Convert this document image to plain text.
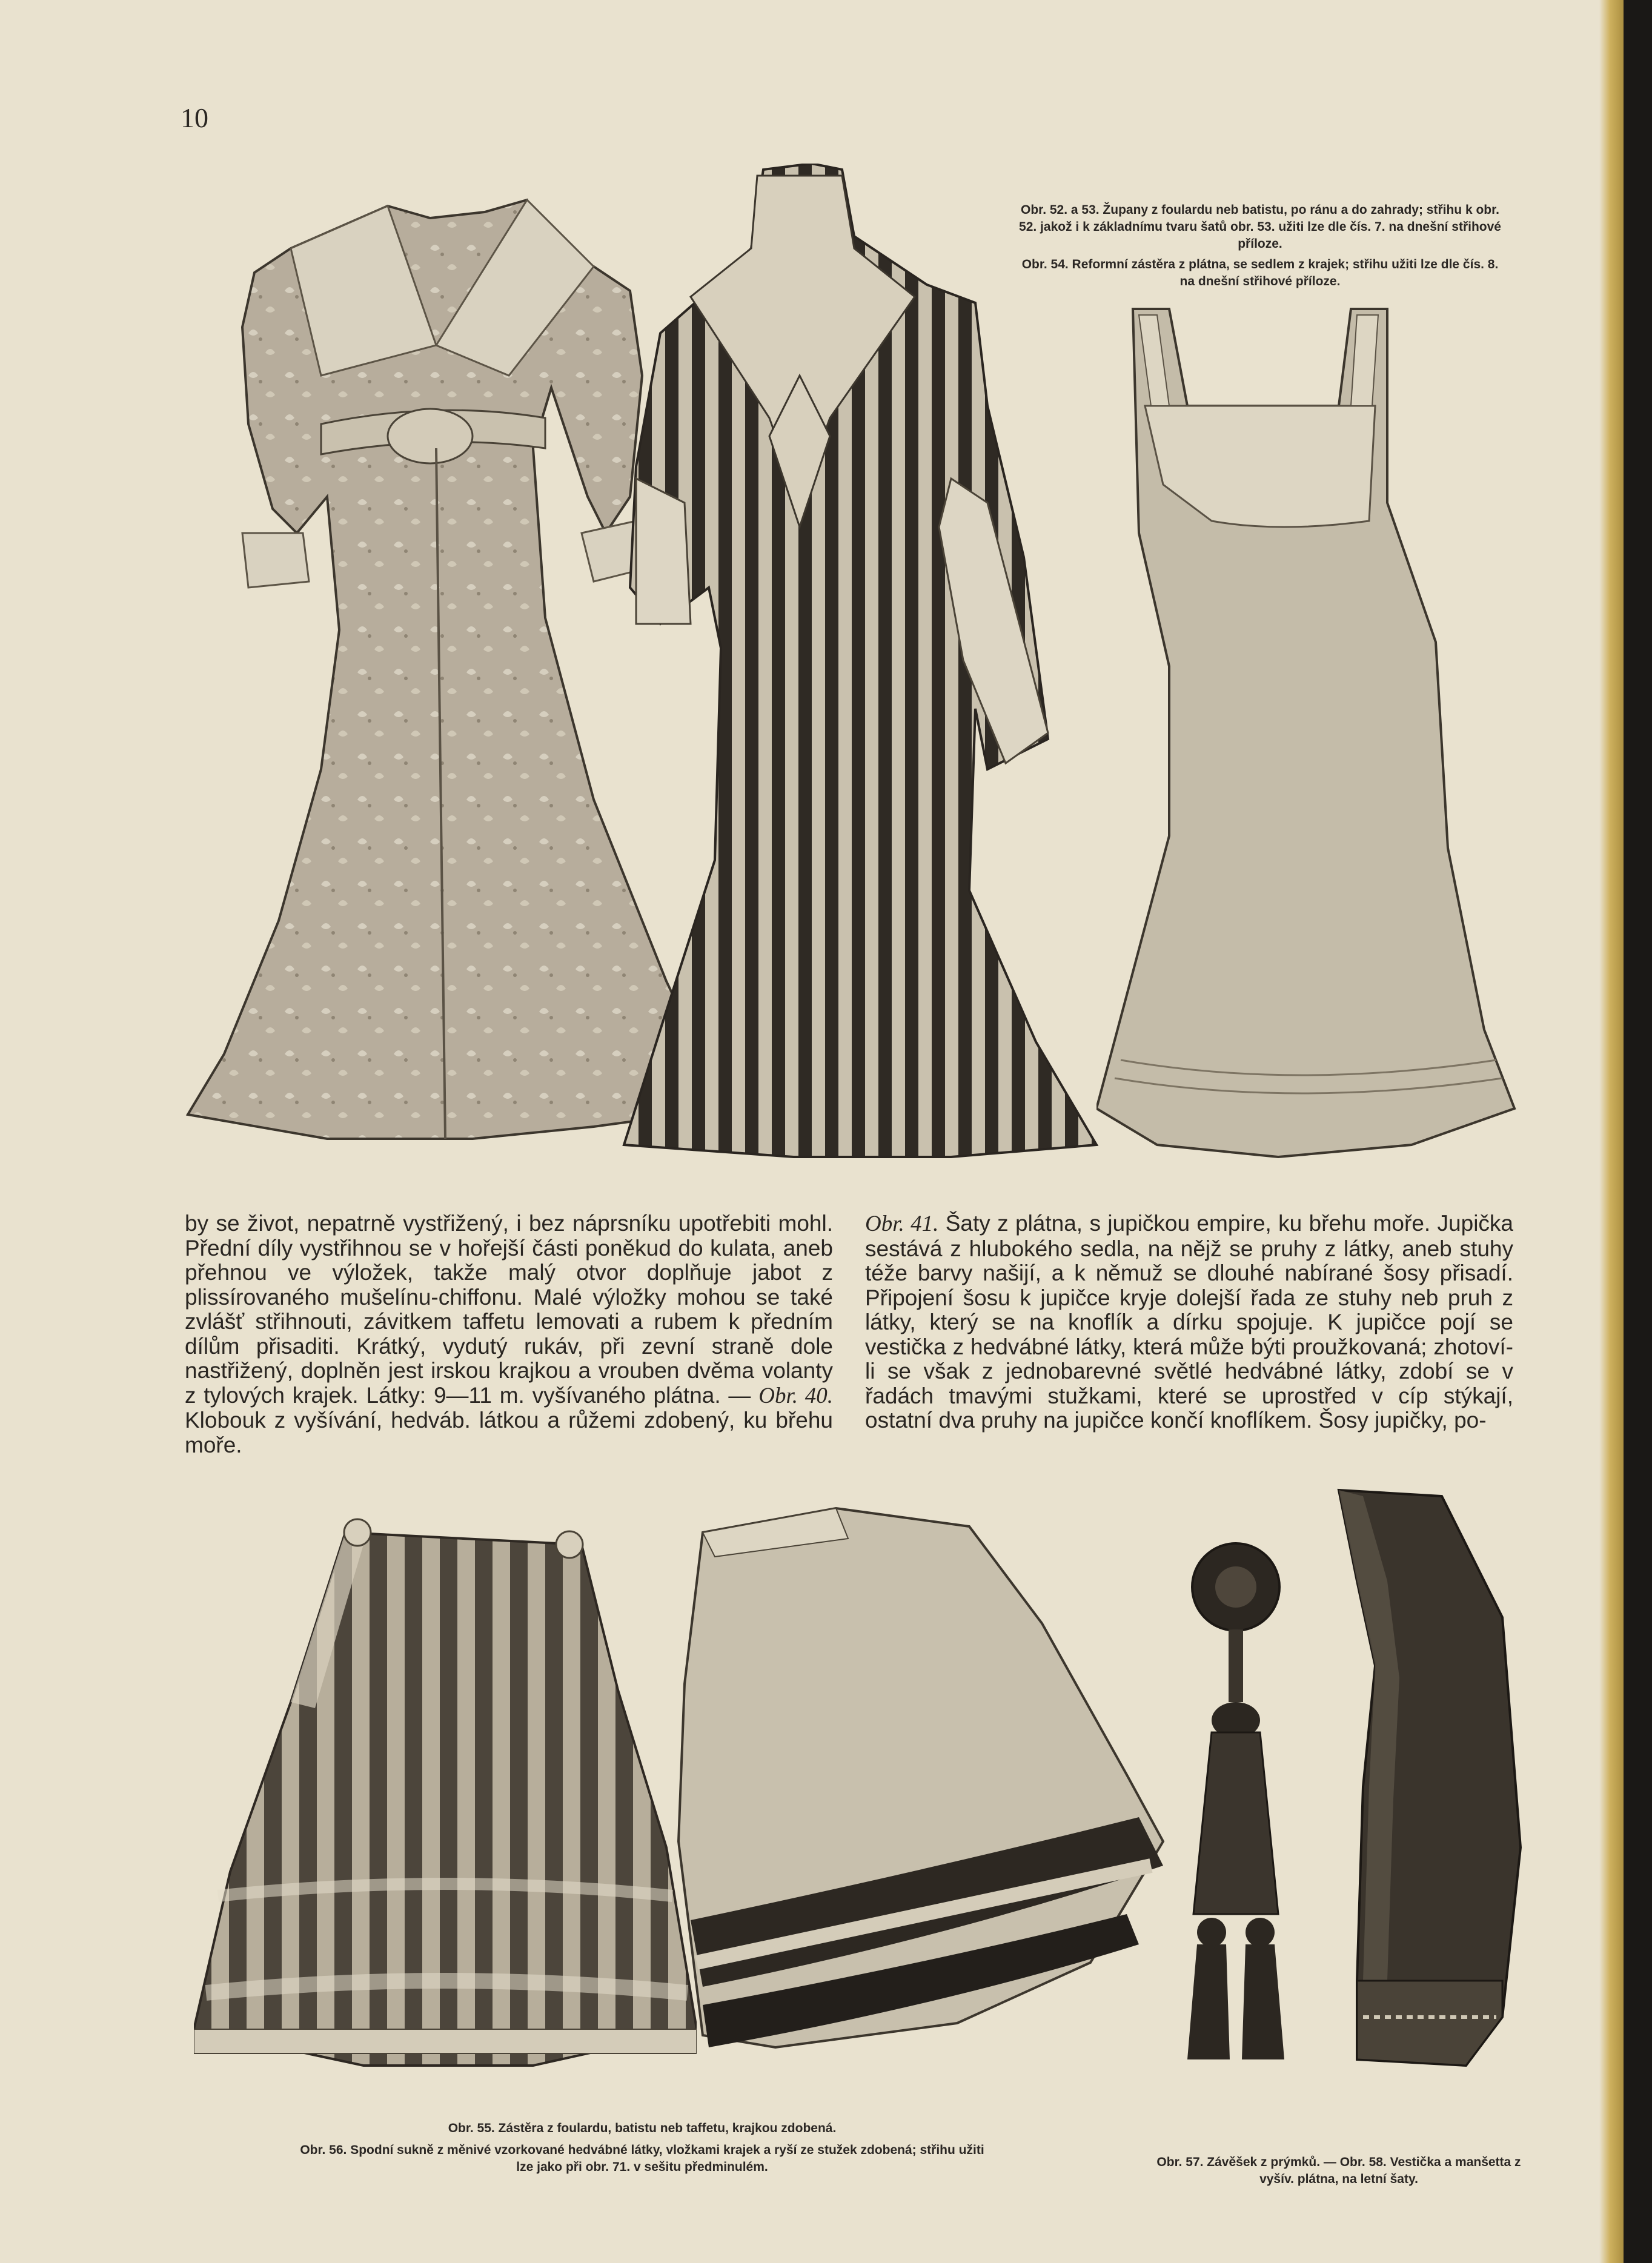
10

Obr. 52. a 53. Župany z foulardu neb batistu, po ránu a do zahrady; střihu k obr. 52. jakož i k základnímu tvaru šatů obr. 53. užiti lze dle čís. 7. na dnešní střihové příloze.

Obr. 54. Reformní zástěra z plátna, se sedlem z krajek; střihu užiti lze dle čís. 8. na dnešní střihové příloze.

by se život, nepatrně vystřižený, i bez náprsníku upotřebiti mohl. Přední díly vystřihnou se v hořejší části poněkud do kulata, aneb přehnou ve výložek, takže malý otvor doplňuje jabot z plissírovaného mušelínu-chiffonu. Malé výložky mohou se také zvlášť střihnouti, závitkem taffetu lemovati a rubem k předním dílům přisaditi. Krátký, vydutý rukáv, při zevní straně dole nastřižený, doplněn jest irskou krajkou a vrouben dvěma volanty z tylových krajek. Látky: 9—11 m. vyšívaného plátna. — Obr. 40. Klobouk z vyšívání, hedváb. látkou a růžemi zdobený, ku břehu moře.

Obr. 41. Šaty z plátna, s jupičkou empire, ku břehu moře. Jupička sestává z hlubokého sedla, na nějž se pruhy z látky, aneb stuhy téže barvy našijí, a k němuž se dlouhé nabírané šosy přisadí. Připojení šosu k jupičce kryje dolejší řada ze stuhy neb pruh z látky, který se na knoflík a dírku spojuje. K jupičce pojí se vestička z hedvábné látky, která může býti proužkovaná; zhotoví-li se však z jednobarevné světlé hedvábné látky, zdobí se v řadách tmavými stužkami, které se uprostřed v cíp stýkají, ostatní dva pruhy na jupičce končí knoflíkem. Šosy jupičky, po-

Obr. 55. Zástěra z foulardu, batistu neb taffetu, krajkou zdobená.

Obr. 56. Spodní sukně z měnivé vzorkované hedvábné látky, vložkami krajek a ryší ze stužek zdobená; střihu užiti lze jako při obr. 71. v sešitu předminulém.	Obr. 57. Závěšek z prýmků. — Obr. 58. Vestička a manšetta z vyšív. plátna, na letní šaty.
